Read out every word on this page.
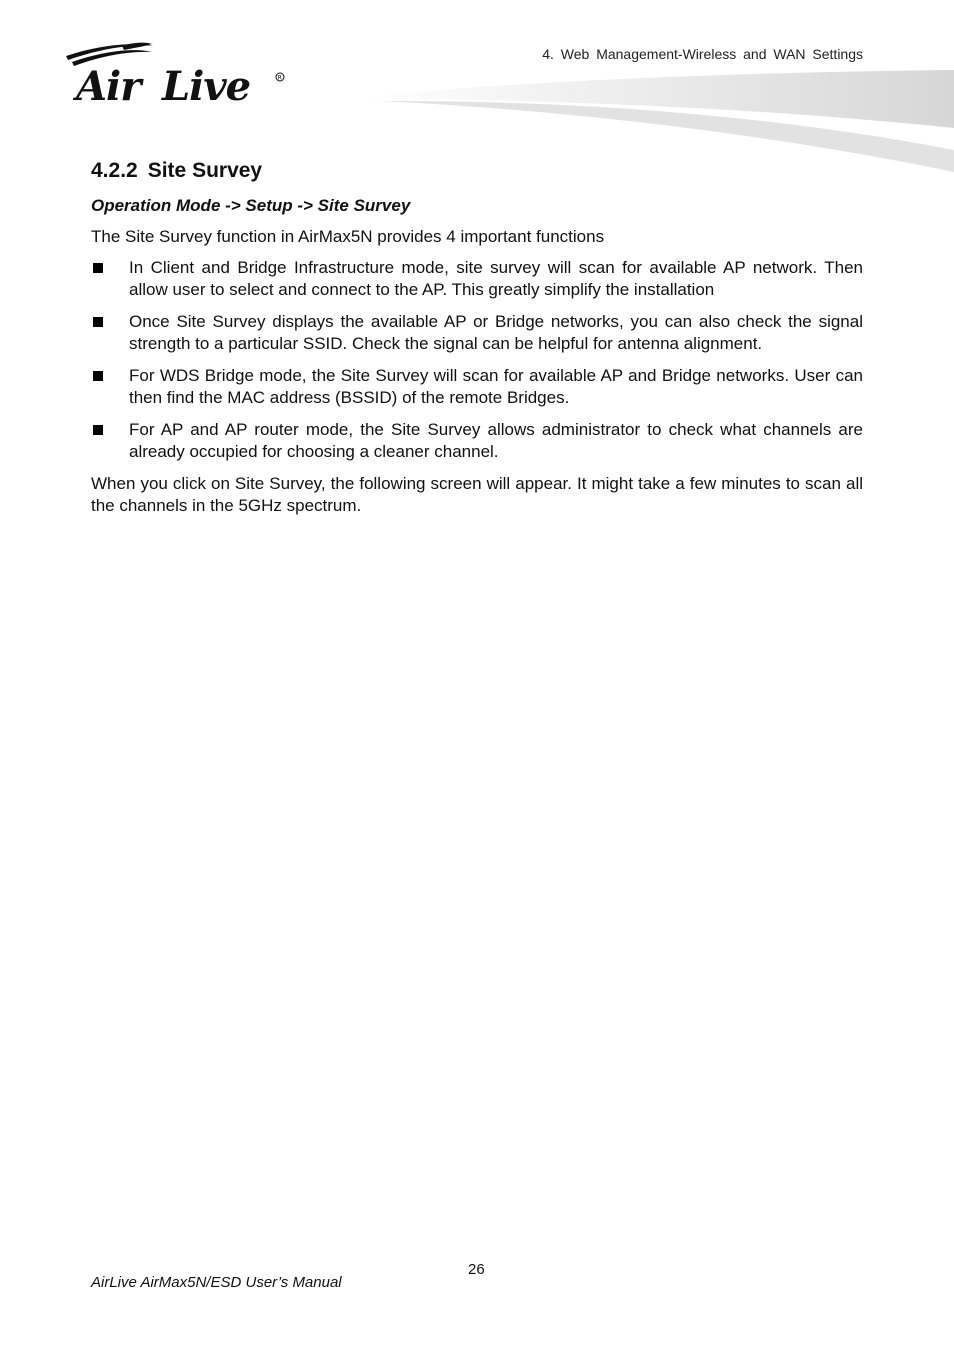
Air Live	R
4. Web Management-Wireless and WAN Settings
4.2.2 Site Survey
Operation Mode -> Setup -> Site Survey

The Site Survey function in AirMax5N provides 4 important functions

In Client and Bridge Infrastructure mode, site survey will scan for available AP network. Then allow user to select and connect to the AP. This greatly simplify the installation
Once Site Survey displays the available AP or Bridge networks, you can also check the signal strength to a particular SSID. Check the signal can be helpful for antenna alignment.
For WDS Bridge mode, the Site Survey will scan for available AP and Bridge networks. User can then find the MAC address (BSSID) of the remote Bridges.
For AP and AP router mode, the Site Survey allows administrator to check what channels are already occupied for choosing a cleaner channel.

When you click on Site Survey, the following screen will appear. It might take a few minutes to scan all the channels in the 5GHz spectrum.

26
AirLive AirMax5N/ESD User’s Manual
